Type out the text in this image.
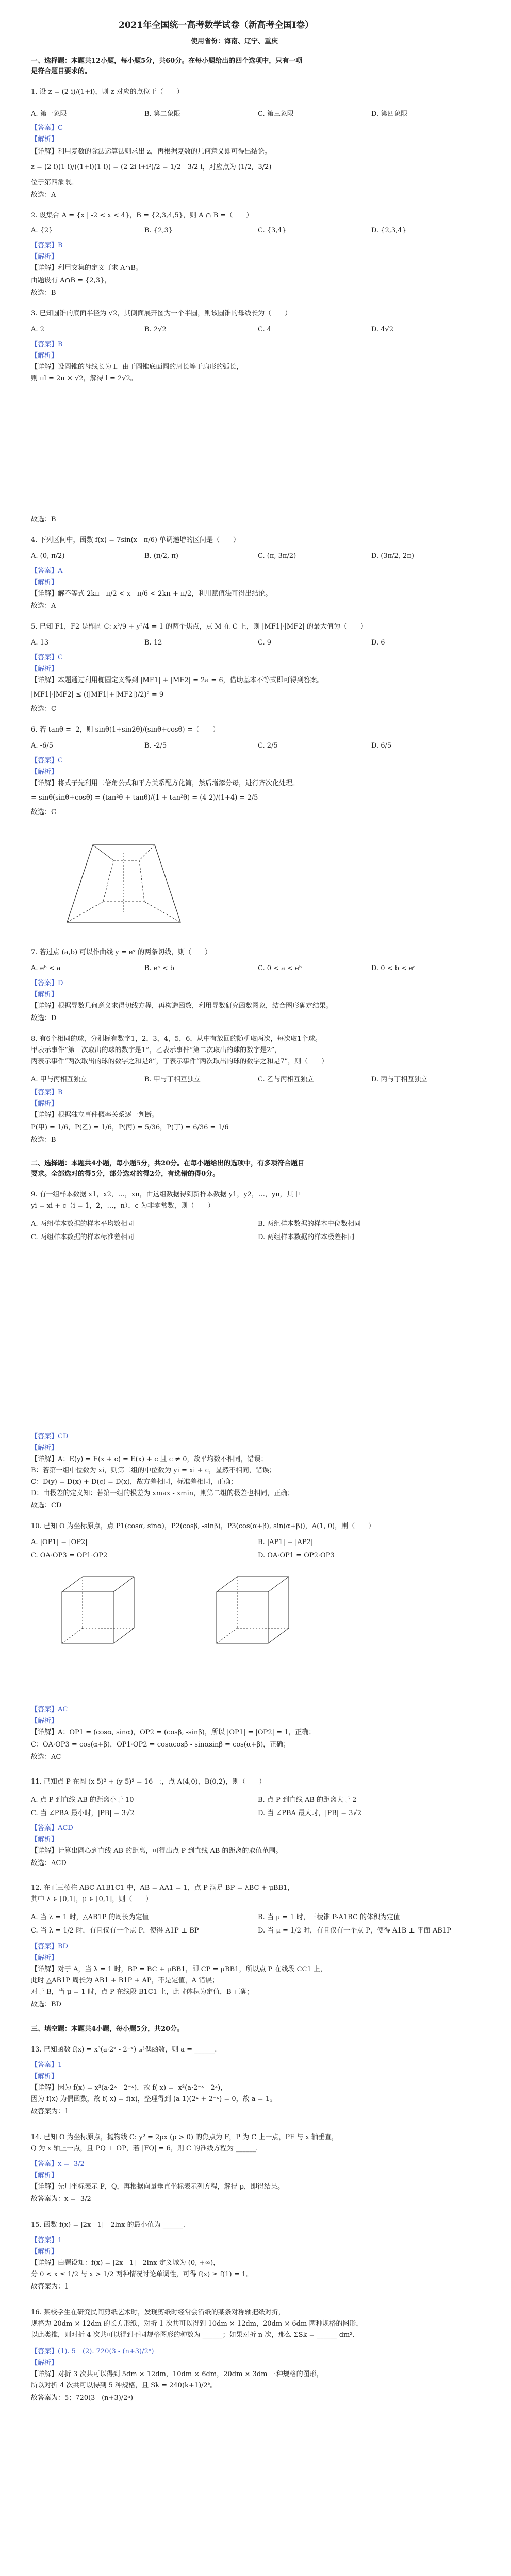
2021年全国统一高考数学试卷（新高考全国Ⅰ卷）
使用省份：海南、辽宁、重庆
一、选择题：本题共12小题，每小题5分，共60分。在每小题给出的四个选项中，只有一项
是符合题目要求的。
1. 设 z = (2-i)/(1+i)，则 z 对应的点位于（　　）
A. 第一象限	B. 第二象限	C. 第三象限	D. 第四象限
【答案】C
【解析】
【详解】利用复数的除法运算法则求出 z，再根据复数的几何意义即可得出结论。
z = (2-i)(1-i)/((1+i)(1-i)) = (2-2i-i+i²)/2 = 1/2 - 3/2 i，对应点为 (1/2, -3/2)
位于第四象限。
故选：A
2. 设集合 A = {x | -2 < x < 4}，B = {2,3,4,5}，则 A ∩ B =（　　）
A. {2}	B. {2,3}	C. {3,4}	D. {2,3,4}
【答案】B
【解析】
【详解】利用交集的定义可求 A∩B。
由题设有 A∩B = {2,3}，
故选：B
3. 已知圆锥的底面半径为 √2，其侧面展开图为一个半圆，则该圆锥的母线长为（　　）
A. 2	B. 2√2	C. 4	D. 4√2
【答案】B
【解析】
【详解】设圆锥的母线长为 l，由于圆锥底面圆的周长等于扇形的弧长，
则 πl = 2π × √2，解得 l = 2√2。
故选：B
4. 下列区间中，函数 f(x) = 7sin(x - π/6) 单调递增的区间是（　　）
A. (0, π/2)	B. (π/2, π)	C. (π, 3π/2)	D. (3π/2, 2π)
【答案】A
【解析】
【详解】解不等式 2kπ - π/2 < x - π/6 < 2kπ + π/2，利用赋值法可得出结论。
故选：A
5. 已知 F1，F2 是椭圆 C: x²/9 + y²/4 = 1 的两个焦点，点 M 在 C 上，则 |MF1|·|MF2| 的最大值为（　　）
A. 13	B. 12	C. 9	D. 6
【答案】C
【解析】
【详解】本题通过利用椭圆定义得到 |MF1| + |MF2| = 2a = 6，借助基本不等式即可得到答案。
|MF1|·|MF2| ≤ ((|MF1|+|MF2|)/2)² = 9
故选：C
6. 若 tanθ = -2，则 sinθ(1+sin2θ)/(sinθ+cosθ) =（　　）
A. -6/5	B. -2/5	C. 2/5	D. 6/5
【答案】C
【解析】
【详解】将式子先利用二倍角公式和平方关系配方化简，然后增添分母，进行齐次化处理。
= sinθ(sinθ+cosθ) = (tan²θ + tanθ)/(1 + tan²θ) = (4-2)/(1+4) = 2/5
故选：C
7. 若过点 (a,b) 可以作曲线 y = eˣ 的两条切线，则（　　）
A. eᵇ < a	B. eᵃ < b	C. 0 < a < eᵇ	D. 0 < b < eᵃ
【答案】D
【解析】
【详解】根据导数几何意义求得切线方程，再构造函数，利用导数研究函数图象，结合图形确定结果。
故选：D
8. 有6个相同的球，分别标有数字1，2，3，4，5，6，从中有放回的随机取两次，每次取1个球。
甲表示事件“第一次取出的球的数字是1”，乙表示事件“第二次取出的球的数字是2”，
丙表示事件“两次取出的球的数字之和是8”，丁表示事件“两次取出的球的数字之和是7”，则（　　）
A. 甲与丙相互独立	B. 甲与丁相互独立	C. 乙与丙相互独立	D. 丙与丁相互独立
【答案】B
【解析】
【详解】根据独立事件概率关系逐一判断。
P(甲) = 1/6，P(乙) = 1/6，P(丙) = 5/36，P(丁) = 6/36 = 1/6
故选：B
二、选择题：本题共4小题，每小题5分，共20分。在每小题给出的选项中，有多项符合题目
要求。全部选对的得5分，部分选对的得2分，有选错的得0分。
9. 有一组样本数据 x1，x2，…，xn，由这组数据得到新样本数据 y1，y2，…，yn，其中
yi = xi + c（i = 1，2，…，n），c 为非零常数，则（　　）
A. 两组样本数据的样本平均数相同	B. 两组样本数据的样本中位数相同
C. 两组样本数据的样本标准差相同	D. 两组样本数据的样本极差相同
【答案】CD
【解析】
【详解】A：E(y) = E(x + c) = E(x) + c 且 c ≠ 0，故平均数不相同，错误；
B：若第一组中位数为 xi，则第二组的中位数为 yi = xi + c，显然不相同，错误；
C：D(y) = D(x) + D(c) = D(x)，故方差相同，标准差相同，正确；
D：由极差的定义知：若第一组的极差为 xmax - xmin，则第二组的极差也相同，正确；
故选：CD
10. 已知 O 为坐标原点，点 P1(cosα, sinα)，P2(cosβ, -sinβ)，P3(cos(α+β), sin(α+β))，A(1, 0)，则（　　）
A. |OP1| = |OP2|	B. |AP1| = |AP2|
C. OA·OP3 = OP1·OP2	D. OA·OP1 = OP2·OP3
【答案】AC
【解析】
【详解】A：OP1 = (cosα, sinα)，OP2 = (cosβ, -sinβ)，所以 |OP1| = |OP2| = 1，正确；
C：OA·OP3 = cos(α+β)，OP1·OP2 = cosαcosβ - sinαsinβ = cos(α+β)，正确；
故选：AC
11. 已知点 P 在圆 (x-5)² + (y-5)² = 16 上，点 A(4,0)，B(0,2)，则（　　）
A. 点 P 到直线 AB 的距离小于 10	B. 点 P 到直线 AB 的距离大于 2
C. 当 ∠PBA 最小时，|PB| = 3√2	D. 当 ∠PBA 最大时，|PB| = 3√2
【答案】ACD
【解析】
【详解】计算出圆心到直线 AB 的距离，可得出点 P 到直线 AB 的距离的取值范围。
故选：ACD
12. 在正三棱柱 ABC-A1B1C1 中，AB = AA1 = 1，点 P 满足 BP = λBC + μBB1，
其中 λ ∈ [0,1]，μ ∈ [0,1]，则（　　）
A. 当 λ = 1 时，△AB1P 的周长为定值	B. 当 μ = 1 时，三棱锥 P-A1BC 的体积为定值
C. 当 λ = 1/2 时，有且仅有一个点 P，使得 A1P ⊥ BP	D. 当 μ = 1/2 时，有且仅有一个点 P，使得 A1B ⊥ 平面 AB1P
【答案】BD
【解析】
【详解】对于 A，当 λ = 1 时，BP = BC + μBB1，即 CP = μBB1，所以点 P 在线段 CC1 上，
此时 △AB1P 周长为 AB1 + B1P + AP，不是定值，A 错误；
对于 B，当 μ = 1 时，点 P 在线段 B1C1 上，此时体积为定值，B 正确；
故选：BD
三、填空题：本题共4小题，每小题5分，共20分。
13. 已知函数 f(x) = x³(a·2ˣ - 2⁻ˣ) 是偶函数，则 a = ______.
【答案】1
【解析】
【详解】因为 f(x) = x³(a·2ˣ - 2⁻ˣ)，故 f(-x) = -x³(a·2⁻ˣ - 2ˣ)，
因为 f(x) 为偶函数，故 f(-x) = f(x)，整理得到 (a-1)(2ˣ + 2⁻ˣ) = 0，故 a = 1。
故答案为：1
14. 已知 O 为坐标原点，抛物线 C: y² = 2px (p > 0) 的焦点为 F，P 为 C 上一点，PF 与 x 轴垂直，
Q 为 x 轴上一点，且 PQ ⊥ OP，若 |FQ| = 6，则 C 的准线方程为 ______.
【答案】x = -3/2
【解析】
【详解】先用坐标表示 P，Q，再根据向量垂直坐标表示列方程，解得 p，即得结果。
故答案为：x = -3/2
15. 函数 f(x) = |2x - 1| - 2lnx 的最小值为 ______.
【答案】1
【解析】
【详解】由题设知：f(x) = |2x - 1| - 2lnx 定义域为 (0, +∞)，
分 0 < x ≤ 1/2 与 x > 1/2 两种情况讨论单调性，可得 f(x) ≥ f(1) = 1。
故答案为：1
16. 某校学生在研究民间剪纸艺术时，发现剪纸时经常会沿纸的某条对称轴把纸对折，
规格为 20dm × 12dm 的长方形纸，对折 1 次共可以得到 10dm × 12dm，20dm × 6dm 两种规格的图形，
以此类推，则对折 4 次共可以得到不同规格图形的种数为 ______；如果对折 n 次，那么 ΣSk = ______ dm².
【答案】(1). 5　(2). 720(3 - (n+3)/2ⁿ)
【解析】
【详解】对折 3 次共可以得到 5dm × 12dm，10dm × 6dm，20dm × 3dm 三种规格的图形，
所以对折 4 次共可以得到 5 种规格，且 Sk = 240(k+1)/2ᵏ。
故答案为：5；720(3 - (n+3)/2ⁿ)
